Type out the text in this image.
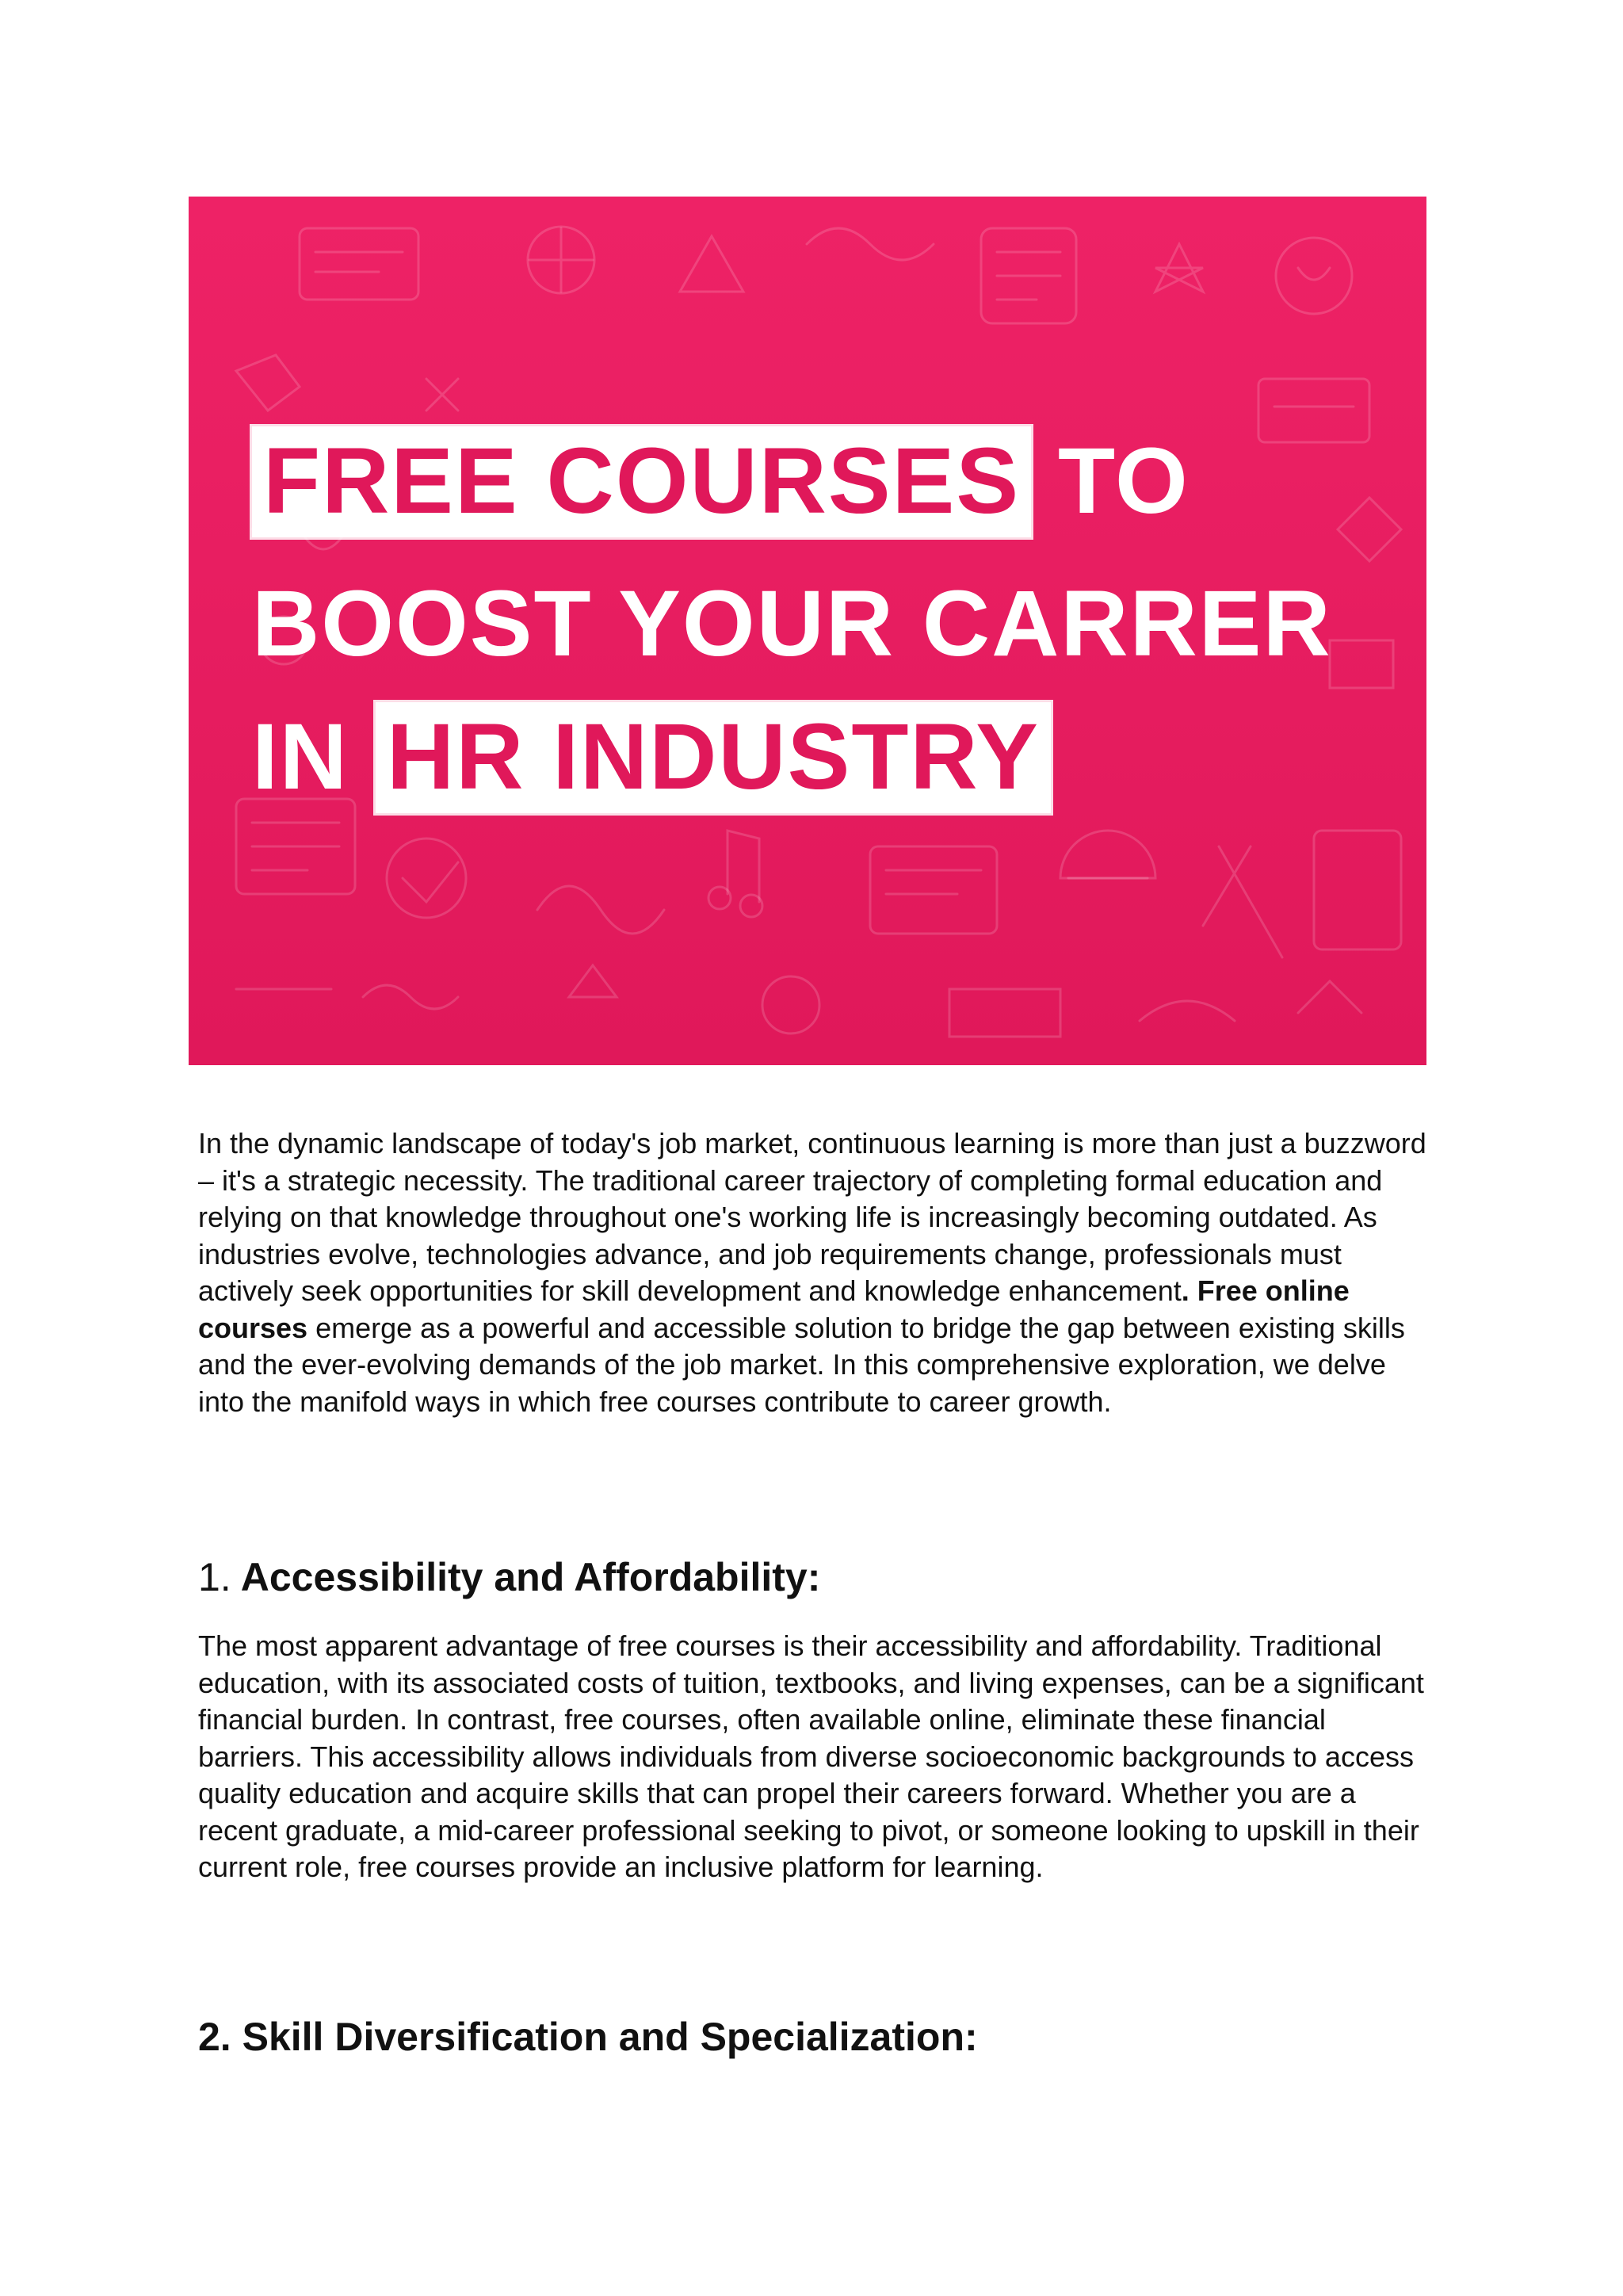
FREE COURSES TO
BOOST YOUR CARRER
IN HR INDUSTRY

In the dynamic landscape of today's job market, continuous learning is more than just a buzzword – it's a strategic necessity. The traditional career trajectory of completing formal education and relying on that knowledge throughout one's working life is increasingly becoming outdated. As industries evolve, technologies advance, and job requirements change, professionals must actively seek opportunities for skill development and knowledge enhancement. Free online courses emerge as a powerful and accessible solution to bridge the gap between existing skills and the ever-evolving demands of the job market. In this comprehensive exploration, we delve into the manifold ways in which free courses contribute to career growth.

1. Accessibility and Affordability:

The most apparent advantage of free courses is their accessibility and affordability. Traditional education, with its associated costs of tuition, textbooks, and living expenses, can be a significant financial burden. In contrast, free courses, often available online, eliminate these financial barriers. This accessibility allows individuals from diverse socioeconomic backgrounds to access quality education and acquire skills that can propel their careers forward. Whether you are a recent graduate, a mid-career professional seeking to pivot, or someone looking to upskill in their current role, free courses provide an inclusive platform for learning.

2. Skill Diversification and Specialization:
